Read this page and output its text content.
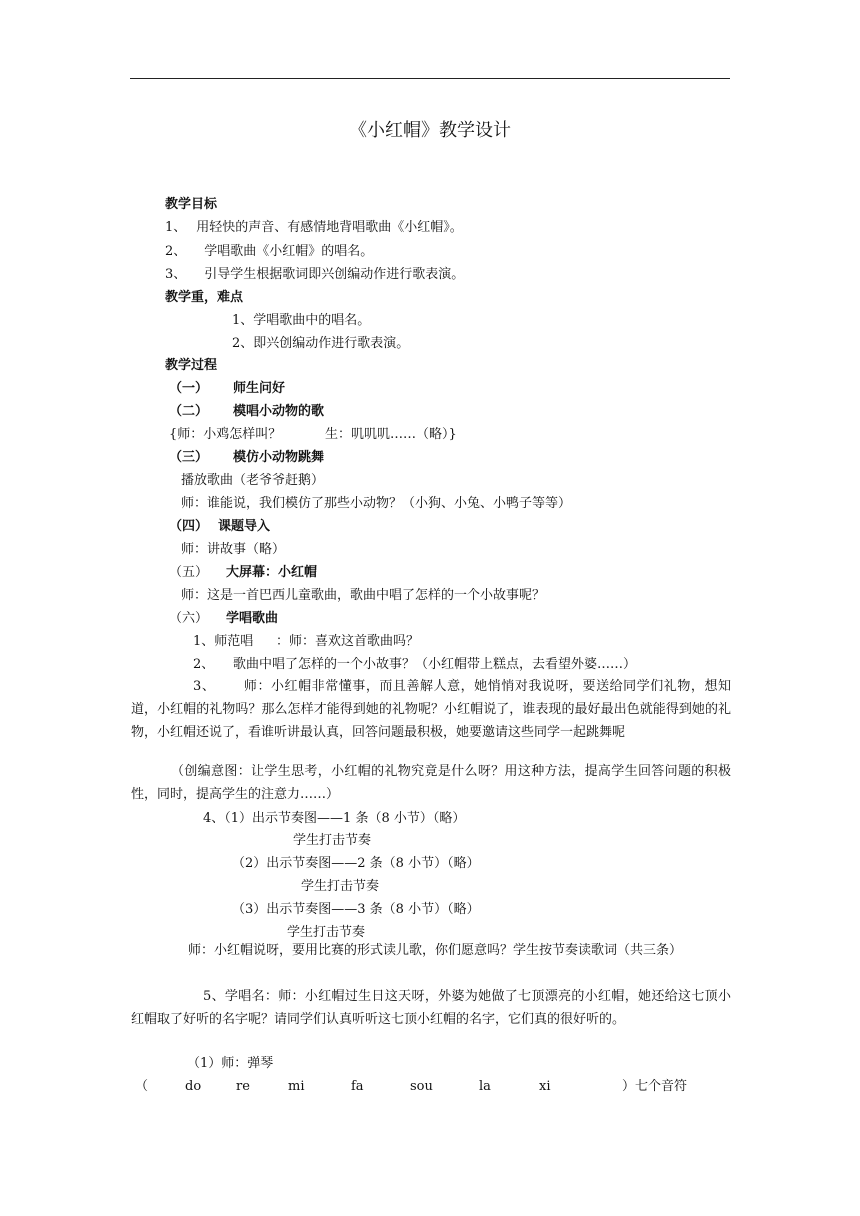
《小红帽》教学设计
教学目标
1、 用轻快的声音、有感情地背唱歌曲《小红帽》。
2、 学唱歌曲《小红帽》的唱名。
3、 引导学生根据歌词即兴创编动作进行歌表演。
教学重，难点
1、学唱歌曲中的唱名。
2、即兴创编动作进行歌表演。
教学过程
（一） 师生问好
（二） 模唱小动物的歌
{师：小鸡怎样叫？	生：叽叽叽……（略）}
（三） 模仿小动物跳舞
播放歌曲（老爷爷赶鹅）
师：谁能说，我们模仿了那些小动物？（小狗、小兔、小鸭子等等）
（四） 课题导入
师：讲故事（略）
（五） 大屏幕：小红帽
师：这是一首巴西儿童歌曲，歌曲中唱了怎样的一个小故事呢？
（六） 学唱歌曲
1、师范唱 ：师：喜欢这首歌曲吗？
2、 歌曲中唱了怎样的一个小故事？（小红帽带上糕点，去看望外婆……）
3、 师：小红帽非常懂事，而且善解人意，她悄悄对我说呀，要送给同学们礼物，想知道，小红帽的礼物吗？那么怎样才能得到她的礼物呢？小红帽说了，谁表现的最好最出色就能得到她的礼物，小红帽还说了，看谁听讲最认真，回答问题最积极，她要邀请这些同学一起跳舞呢
（创编意图：让学生思考，小红帽的礼物究竟是什么呀？用这种方法，提高学生回答问题的积极性，同时，提高学生的注意力……）
4、（1）出示节奏图——1 条（8 小节）（略）
学生打击节奏
（2）出示节奏图——2 条（8 小节）（略）
学生打击节奏
（3）出示节奏图——3 条（8 小节）（略）
学生打击节奏
师：小红帽说呀，要用比赛的形式读儿歌，你们愿意吗？学生按节奏读歌词（共三条）
5、学唱名：师：小红帽过生日这天呀，外婆为她做了七顶漂亮的小红帽，她还给这七顶小红帽取了好听的名字呢？请同学们认真听听这七顶小红帽的名字，它们真的很好听的。
（1）师：弹琴
（	do	re	mi	fa	sou	la	xi	）七个音符
